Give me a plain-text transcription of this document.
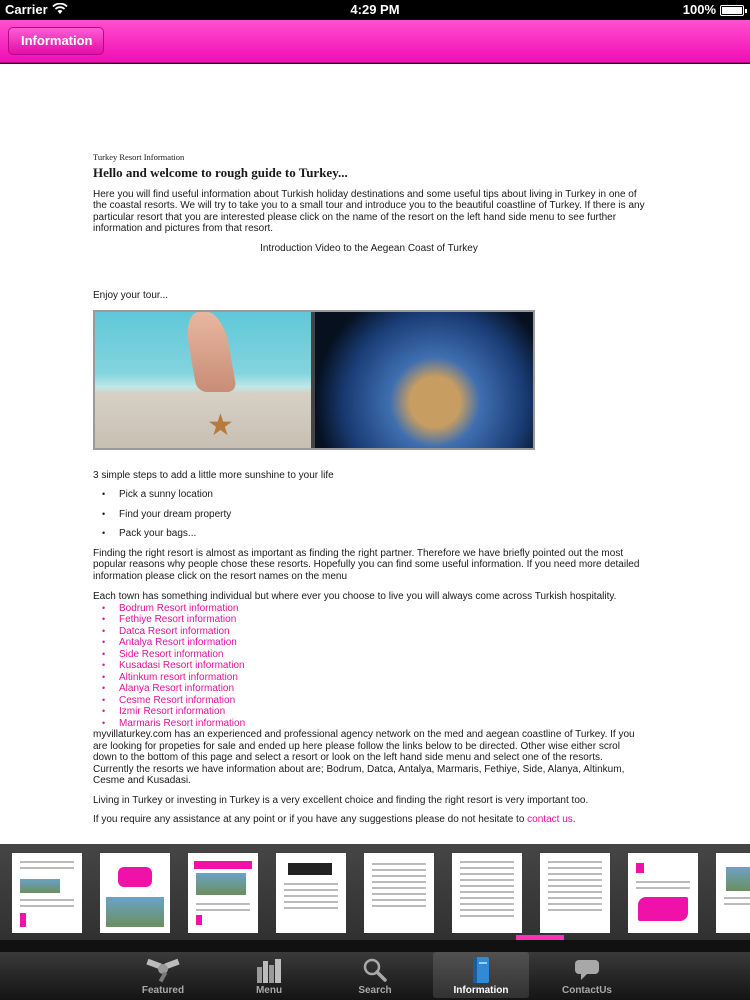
Carrier	4:29 PM	100%
Information
Turkey Resort Information
Hello and welcome to rough guide to Turkey...

Here you will find useful information about Turkish holiday destinations and some useful tips about living in Turkey in one of the coastal resorts. We will try to take you to a small tour and introduce you to the beautiful coastline of Turkey. If there is any particular resort that you are interested please click on the name of the resort on the left hand side menu to see further information and pictures from that resort.

Introduction Video to the Aegean Coast of Turkey

Enjoy your tour...

★

3 simple steps to add a little more sunshine to your life

• Pick a sunny location
• Find your dream property
• Pack your bags...

Finding the right resort is almost as important as finding the right partner. Therefore we have briefly pointed out the most popular reasons why people chose these resorts. Hopefully you can find some useful information. If you need more detailed information please click on the resort names on the menu

Each town has something individual but where ever you choose to live you will always come across Turkish hospitality.

• Bodrum Resort information
• Fethiye Resort information
• Datca Resort information
• Antalya Resort information
• Side Resort information
• Kusadasi Resort information
• Altinkum resort information
• Alanya Resort information
• Cesme Resort information
• Izmir Resort information
• Marmaris Resort information

myvillaturkey.com has an experienced and professional agency network on the med and aegean coastline of Turkey. If you are looking for propeties for sale and ended up here please follow the links below to be directed. Other wise either scrol down to the bottom of this page and select a resort or look on the left hand side menu and select one of the resorts. Currently the resorts we have information about are; Bodrum, Datca, Antalya, Marmaris, Fethiye, Side, Alanya, Altinkum, Cesme and Kusadasi.

Living in Turkey or investing in Turkey is a very excellent choice and finding the right resort is very important too.

If you require any assistance at any point or if you have any suggestions please do not hesitate to contact us.

Featured	Menu	Search	Information	ContactUs
